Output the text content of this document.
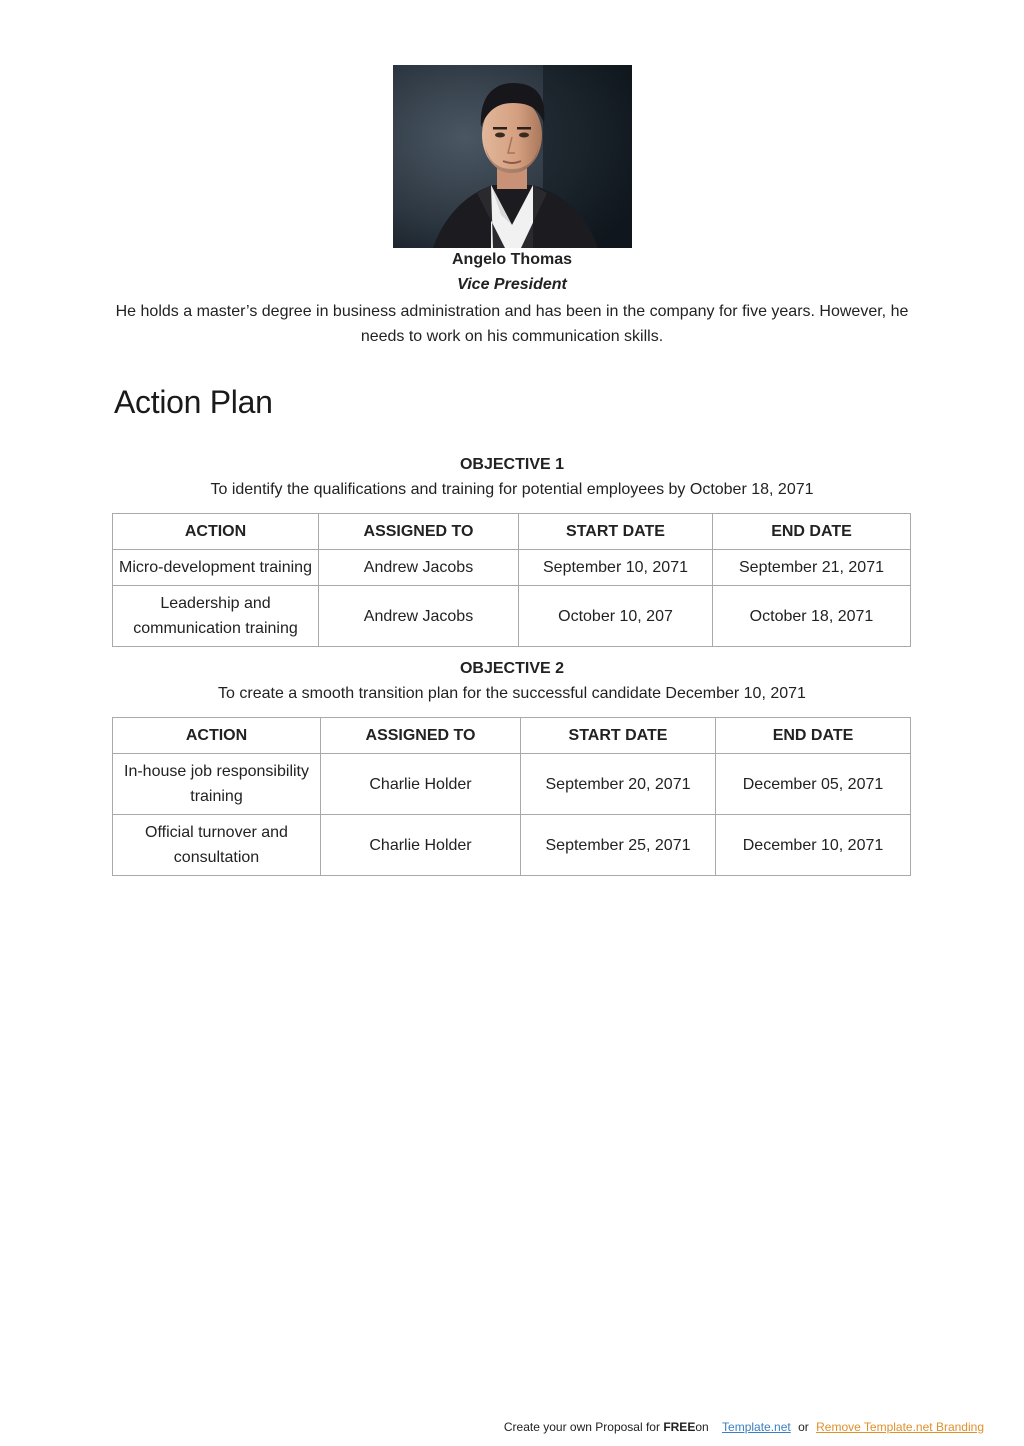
Angelo Thomas
Vice President
He holds a master’s degree in business administration and has been in the company for five years. However, he needs to work on his communication skills.
Action Plan
OBJECTIVE 1
To identify the qualifications and training for potential employees by October 18, 2071
ACTION	ASSIGNED TO	START DATE	END DATE
Micro-development training	Andrew Jacobs	September 10, 2071	September 21, 2071
Leadership and communication training	Andrew Jacobs	October 10, 207	October 18, 2071
OBJECTIVE 2
To create a smooth transition plan for the successful candidate December 10, 2071
ACTION	ASSIGNED TO	START DATE	END DATE
In-house job responsibility training	Charlie Holder	September 20, 2071	December 05, 2071
Official turnover and consultation	Charlie Holder	September 25, 2071	December 10, 2071
Create your own Proposal for FREEon Template.net or Remove Template.net Branding
